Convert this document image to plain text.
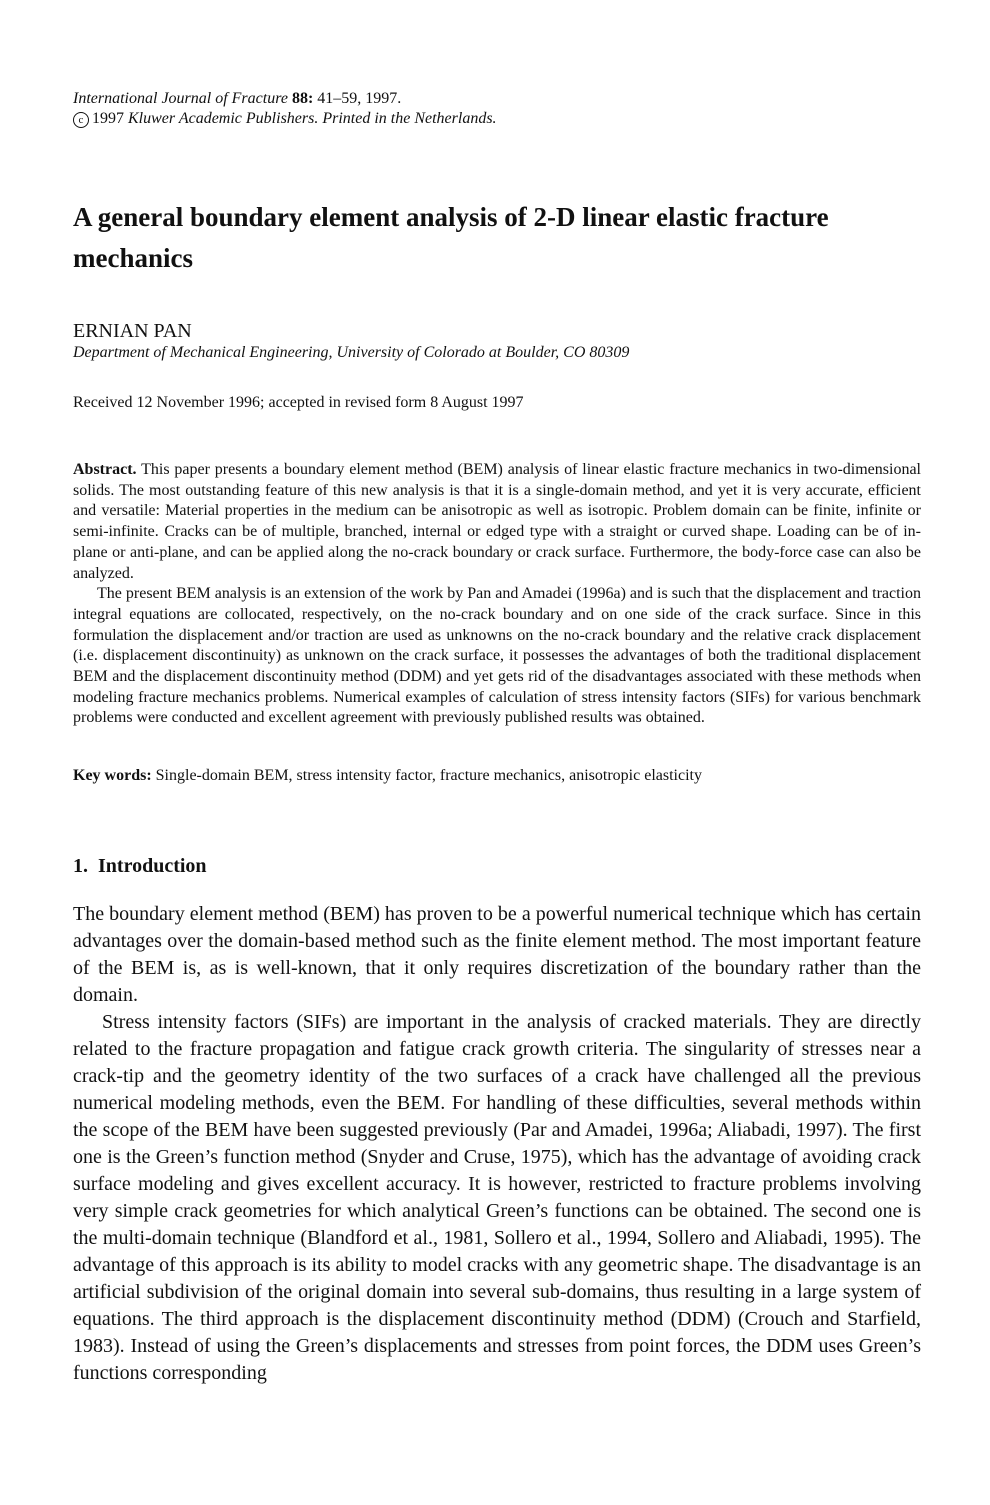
International Journal of Fracture 88: 41–59, 1997.
c 1997 Kluwer Academic Publishers. Printed in the Netherlands.
A general boundary element analysis of 2-D linear elastic fracture mechanics
ERNIAN PAN
Department of Mechanical Engineering, University of Colorado at Boulder, CO 80309
Received 12 November 1996; accepted in revised form 8 August 1997

Abstract. This paper presents a boundary element method (BEM) analysis of linear elastic fracture mechanics in two-dimensional solids. The most outstanding feature of this new analysis is that it is a single-domain method, and yet it is very accurate, efficient and versatile: Material properties in the medium can be anisotropic as well as isotropic. Problem domain can be finite, infinite or semi-infinite. Cracks can be of multiple, branched, internal or edged type with a straight or curved shape. Loading can be of in-plane or anti-plane, and can be applied along the no-crack boundary or crack surface. Furthermore, the body-force case can also be analyzed.

The present BEM analysis is an extension of the work by Pan and Amadei (1996a) and is such that the displacement and traction integral equations are collocated, respectively, on the no-crack boundary and on one side of the crack surface. Since in this formulation the displacement and/or traction are used as unknowns on the no-crack boundary and the relative crack displacement (i.e. displacement discontinuity) as unknown on the crack surface, it possesses the advantages of both the traditional displacement BEM and the displacement discontinuity method (DDM) and yet gets rid of the disadvantages associated with these methods when modeling fracture mechanics problems. Numerical examples of calculation of stress intensity factors (SIFs) for various benchmark problems were conducted and excellent agreement with previously published results was obtained.

Key words: Single-domain BEM, stress intensity factor, fracture mechanics, anisotropic elasticity
1. Introduction

The boundary element method (BEM) has proven to be a powerful numerical technique which has certain advantages over the domain-based method such as the finite element method. The most important feature of the BEM is, as is well-known, that it only requires discretization of the boundary rather than the domain.

Stress intensity factors (SIFs) are important in the analysis of cracked materials. They are directly related to the fracture propagation and fatigue crack growth criteria. The singularity of stresses near a crack-tip and the geometry identity of the two surfaces of a crack have challenged all the previous numerical modeling methods, even the BEM. For handling of these difficulties, several methods within the scope of the BEM have been suggested previously (Par and Amadei, 1996a; Aliabadi, 1997). The first one is the Green’s function method (Snyder and Cruse, 1975), which has the advantage of avoiding crack surface modeling and gives excellent accuracy. It is however, restricted to fracture problems involving very simple crack geometries for which analytical Green’s functions can be obtained. The second one is the multi-domain technique (Blandford et al., 1981, Sollero et al., 1994, Sollero and Aliabadi, 1995). The advantage of this approach is its ability to model cracks with any geometric shape. The disadvantage is an artificial subdivision of the original domain into several sub-domains, thus resulting in a large system of equations. The third approach is the displacement discontinuity method (DDM) (Crouch and Starfield, 1983). Instead of using the Green’s displacements and stresses from point forces, the DDM uses Green’s functions corresponding
